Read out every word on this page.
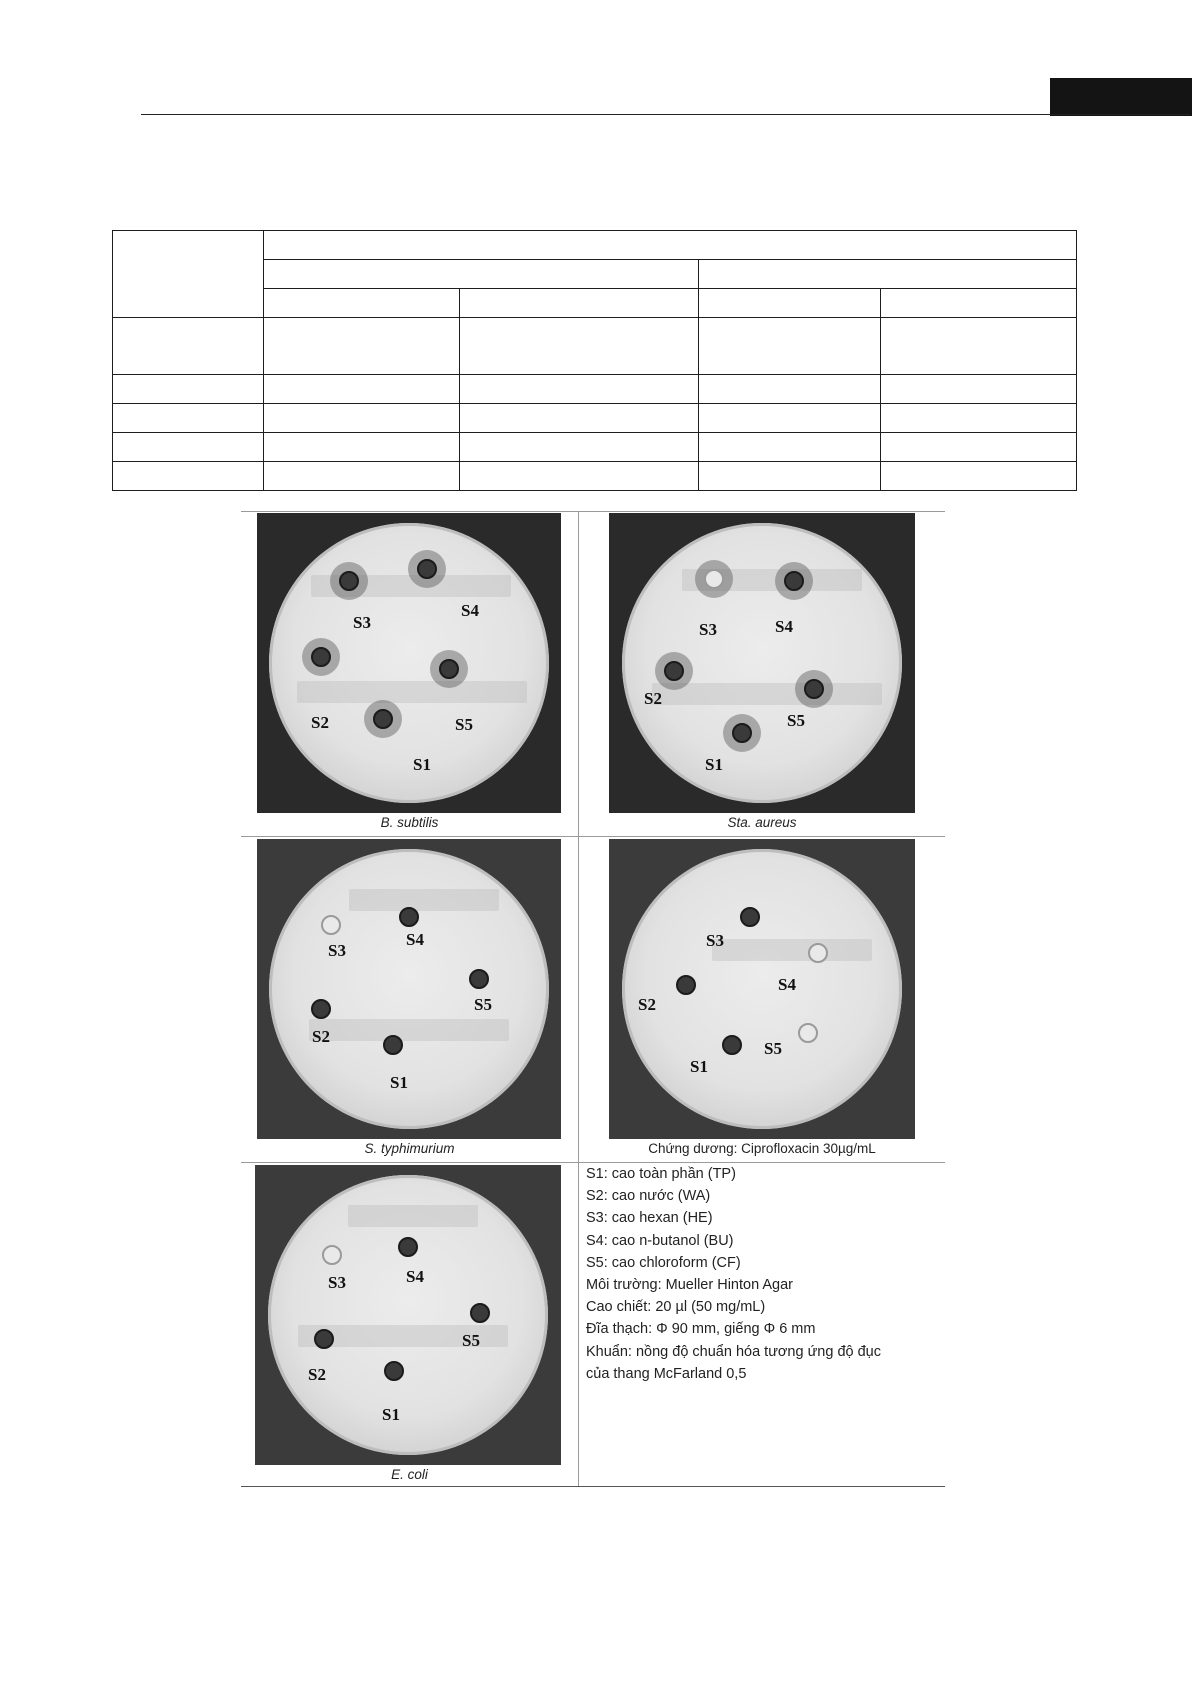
S3
S4
S2	S5
S1
B. subtilis
S3	S4
S2
S5
S1
Sta. aureus
S3
S4
S5
S2
S1
S. typhimurium
S3
S4
S2
S5
S1
Chứng dương: Ciprofloxacin 30µg/mL
S3	S4
S5
S2
S1
E. coli
S1: cao toàn phần (TP)
S2: cao nước (WA)
S3: cao hexan (HE)
S4: cao n-butanol (BU)
S5: cao chloroform (CF)
Môi trường: Mueller Hinton Agar
Cao chiết: 20 µl (50 mg/mL)
Đĩa thạch: Φ 90 mm, giếng Φ 6 mm
Khuẩn: nồng độ chuẩn hóa tương ứng độ đục
của thang McFarland 0,5
